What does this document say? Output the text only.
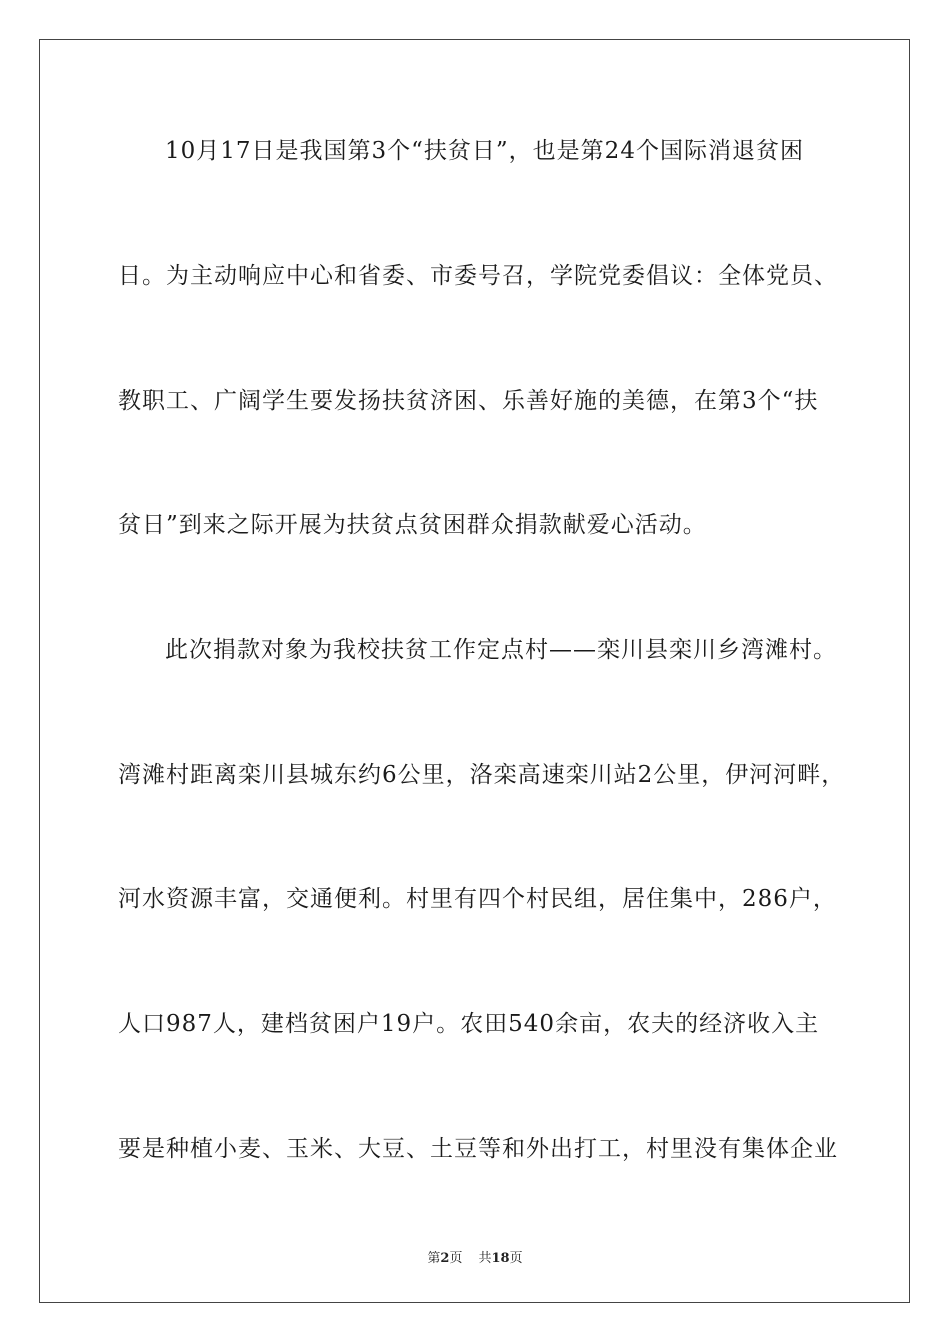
10月17日是我国第3个“扶贫日”，也是第24个国际消退贫困
日。为主动响应中心和省委、市委号召，学院党委倡议：全体党员、
教职工、广阔学生要发扬扶贫济困、乐善好施的美德，在第3个“扶
贫日”到来之际开展为扶贫点贫困群众捐款献爱心活动。
此次捐款对象为我校扶贫工作定点村——栾川县栾川乡湾滩村。
湾滩村距离栾川县城东约6公里，洛栾高速栾川站2公里，伊河河畔，
河水资源丰富，交通便利。村里有四个村民组，居住集中，286户，
人口987人，建档贫困户19户。农田540余亩，农夫的经济收入主
要是种植小麦、玉米、大豆、土豆等和外出打工，村里没有集体企业
第2页 共18页
